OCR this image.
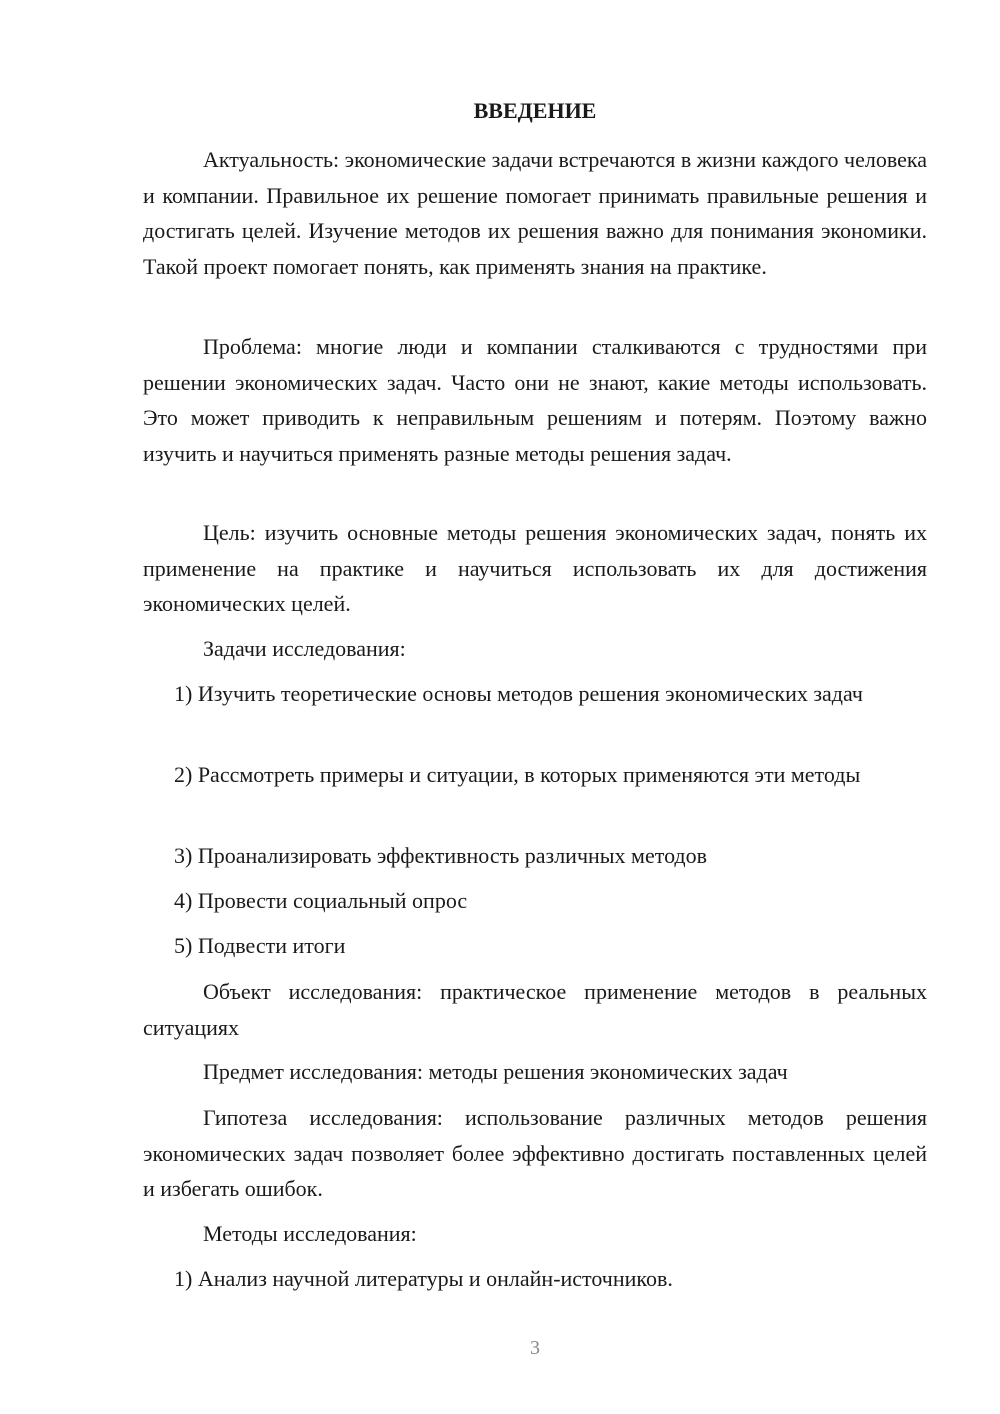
ВВЕДЕНИЕ

Актуальность: экономические задачи встречаются в жизни каждого человека и компании. Правильное их решение помогает принимать правильные решения и достигать целей. Изучение методов их решения важно для понимания экономики. Такой проект помогает понять, как применять знания на практике.

Проблема: многие люди и компании сталкиваются с трудностями при решении экономических задач. Часто они не знают, какие методы использовать. Это может приводить к неправильным решениям и потерям. Поэтому важно изучить и научиться применять разные методы решения задач.

Цель: изучить основные методы решения экономических задач, понять их применение на практике и научиться использовать их для достижения экономических целей.

Задачи исследования:

1) Изучить теоретические основы методов решения экономических задач

2) Рассмотреть примеры и ситуации, в которых применяются эти методы

3) Проанализировать эффективность различных методов

4) Провести социальный опрос

5) Подвести итоги

Объект исследования: практическое применение методов в реальных ситуациях

Предмет исследования: методы решения экономических задач

Гипотеза исследования: использование различных методов решения экономических задач позволяет более эффективно достигать поставленных целей и избегать ошибок.

Методы исследования:

1) Анализ научной литературы и онлайн-источников.

3
